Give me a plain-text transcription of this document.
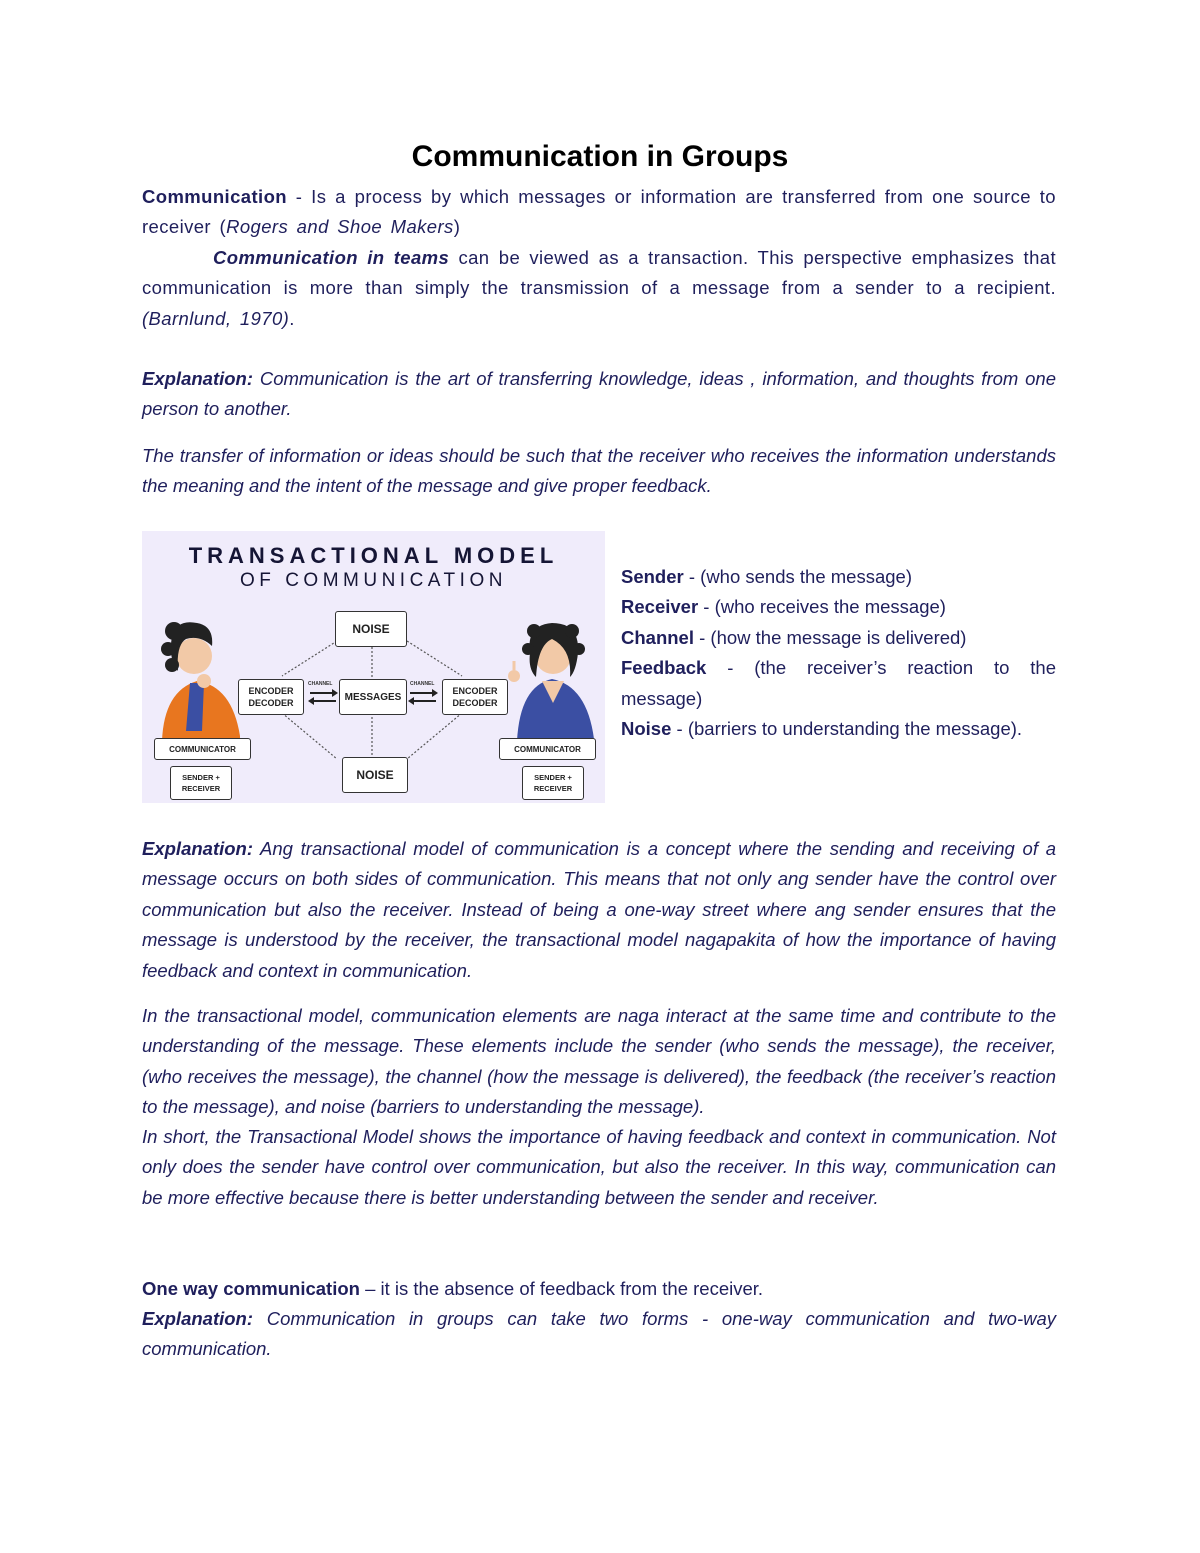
Communication in Groups

Communication - Is a process by which messages or information are transferred from one source to receiver (Rogers and Shoe Makers)

Communication in teams can be viewed as a transaction. This perspective emphasizes that communication is more than simply the transmission of a message from a sender to a recipient. (Barnlund, 1970).

Explanation: Communication is the art of transferring knowledge, ideas , information, and thoughts from one person to another.

The transfer of information or ideas should be such that the receiver who receives the information understands the meaning and the intent of the message and give proper feedback.

TRANSACTIONAL MODEL
OF COMMUNICATION
NOISE
NOISE
MESSAGES
ENCODER
DECODER
ENCODER
DECODER
CHANNEL	CHANNEL
COMMUNICATOR	COMMUNICATOR
SENDER +
RECEIVER
SENDER +
RECEIVER
Sender - (who sends the message)
Receiver - (who receives the message)
Channel - (how the message is delivered)
Feedback - (the receiver’s reaction to the
message)
Noise - (barriers to understanding the message).

Explanation: Ang transactional model of communication is a concept where the sending and receiving of a message occurs on both sides of communication. This means that not only ang sender have the control over communication but also the receiver. Instead of being a one-way street where ang sender ensures that the message is understood by the receiver, the transactional model nagapakita of how the importance of having feedback and context in communication.

In the transactional model, communication elements are naga interact at the same time and contribute to the understanding of the message. These elements include the sender (who sends the message), the receiver, (who receives the message), the channel (how the message is delivered), the feedback (the receiver’s reaction to the message), and noise (barriers to understanding the message).

In short, the Transactional Model shows the importance of having feedback and context in communication. Not only does the sender have control over communication, but also the receiver. In this way, communication can be more effective because there is better understanding between the sender and receiver.

One way communication – it is the absence of feedback from the receiver.

Explanation: Communication in groups can take two forms - one-way communication and two-way communication.
